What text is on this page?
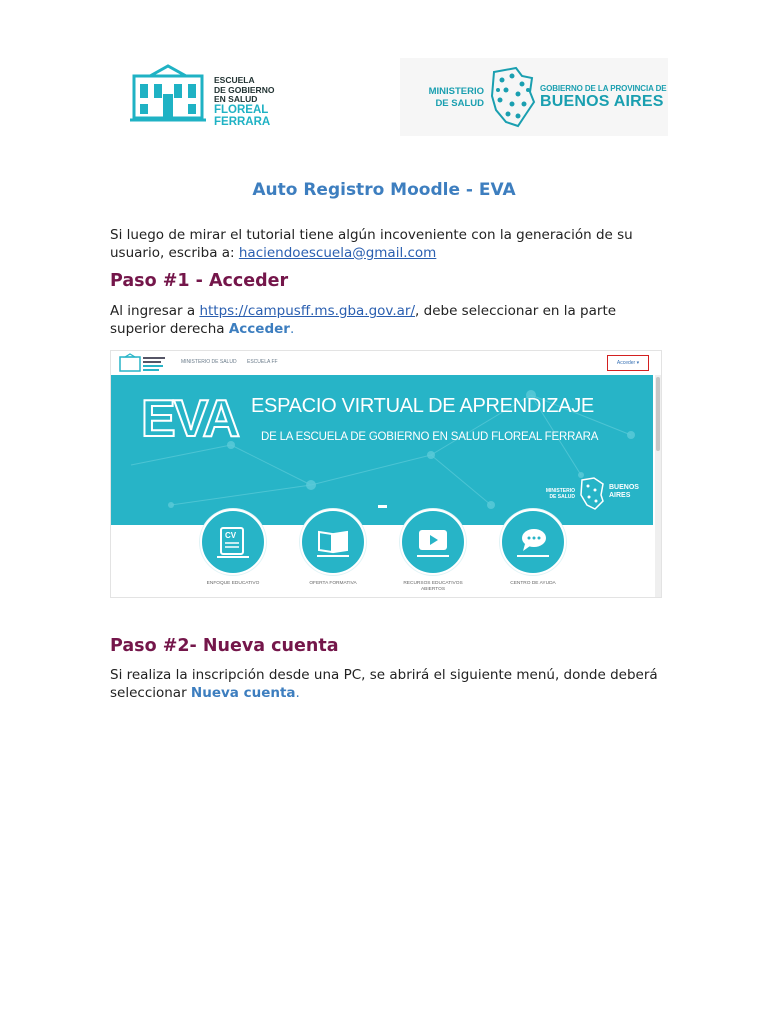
ESCUELA
DE GOBIERNO
EN SALUD
FLOREAL
FERRARA
MINISTERIO
DE SALUD
GOBIERNO DE LA PROVINCIA DE
BUENOS AIRES
Auto Registro Moodle - EVA
Si luego de mirar el tutorial tiene algún incoveniente con la generación de su usuario, escriba a: haciendoescuela@gmail.com
Paso #1 - Acceder
Al ingresar a https://campusff.ms.gba.gov.ar/, debe seleccionar en la parte superior derecha Acceder.
MINISTERIO DE SALUD ESCUELA FF	Acceder ▾
EVA ESPACIO VIRTUAL DE APRENDIZAJE
DE LA ESCUELA DE GOBIERNO EN SALUD FLOREAL FERRARA
MINISTERIO DE SALUD
BUENOS AIRES
CV
ENFOQUE EDUCATIVO	OFERTA FORMATIVA	RECURSOS EDUCATIVOS ABIERTOS
CENTRO DE AYUDA
Paso #2- Nueva cuenta
Si realiza la inscripción desde una PC, se abrirá el siguiente menú, donde deberá seleccionar Nueva cuenta.
